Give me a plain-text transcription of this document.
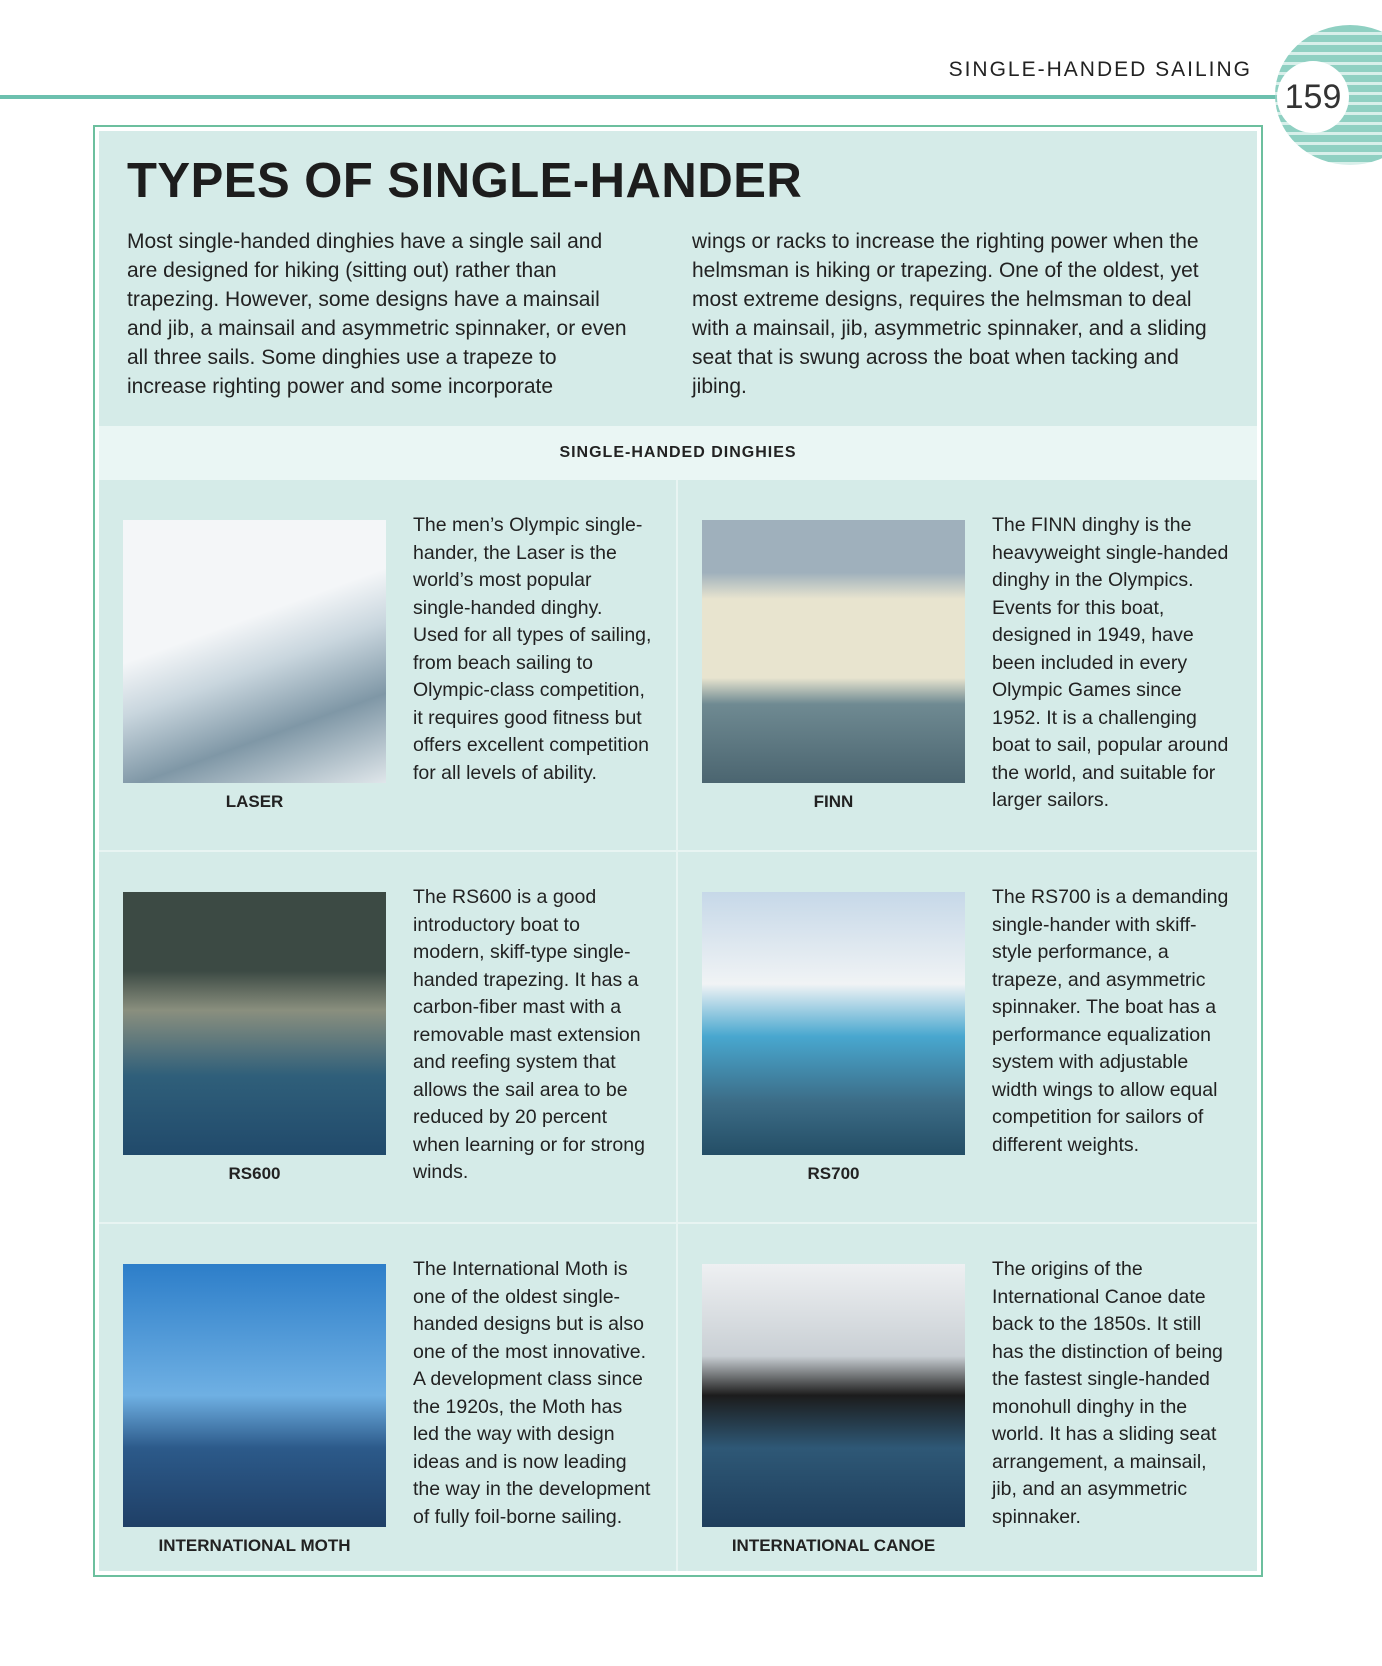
SINGLE-HANDED SAILING
159
TYPES OF SINGLE-HANDER

Most single-handed dinghies have a single sail and are designed for hiking (sitting out) rather than trapezing. However, some designs have a mainsail and jib, a mainsail and asymmetric spinnaker, or even all three sails. Some dinghies use a trapeze to increase righting power and some incorporate

wings or racks to increase the righting power when the helmsman is hiking or trapezing. One of the oldest, yet most extreme designs, requires the helmsman to deal with a mainsail, jib, asymmetric spinnaker, and a sliding seat that is swung across the boat when tacking and jibing.

SINGLE-HANDED DINGHIES
LASER

The men’s Olympic single-hander, the Laser is the world’s most popular single-handed dinghy. Used for all types of sailing, from beach sailing to Olympic-class competition, it requires good fitness but offers excellent competition for all levels of ability.

FINN

The FINN dinghy is the heavyweight single-handed dinghy in the Olympics. Events for this boat, designed in 1949, have been included in every Olympic Games since 1952. It is a challenging boat to sail, popular around the world, and suitable for larger sailors.

RS600

The RS600 is a good introductory boat to modern, skiff-type single-handed trapezing. It has a carbon-fiber mast with a removable mast extension and reefing system that allows the sail area to be reduced by 20 percent when learning or for strong winds.	RS700

The RS700 is a demanding single-hander with skiff-style performance, a trapeze, and asymmetric spinnaker. The boat has a performance equalization system with adjustable width wings to allow equal competition for sailors of different weights.

INTERNATIONAL MOTH

The International Moth is one of the oldest single-handed designs but is also one of the most innovative. A development class since the 1920s, the Moth has led the way with design ideas and is now leading the way in the development of fully foil-borne sailing.

INTERNATIONAL CANOE

The origins of the International Canoe date back to the 1850s. It still has the distinction of being the fastest single-handed monohull dinghy in the world. It has a sliding seat arrangement, a mainsail, jib, and an asymmetric spinnaker.
